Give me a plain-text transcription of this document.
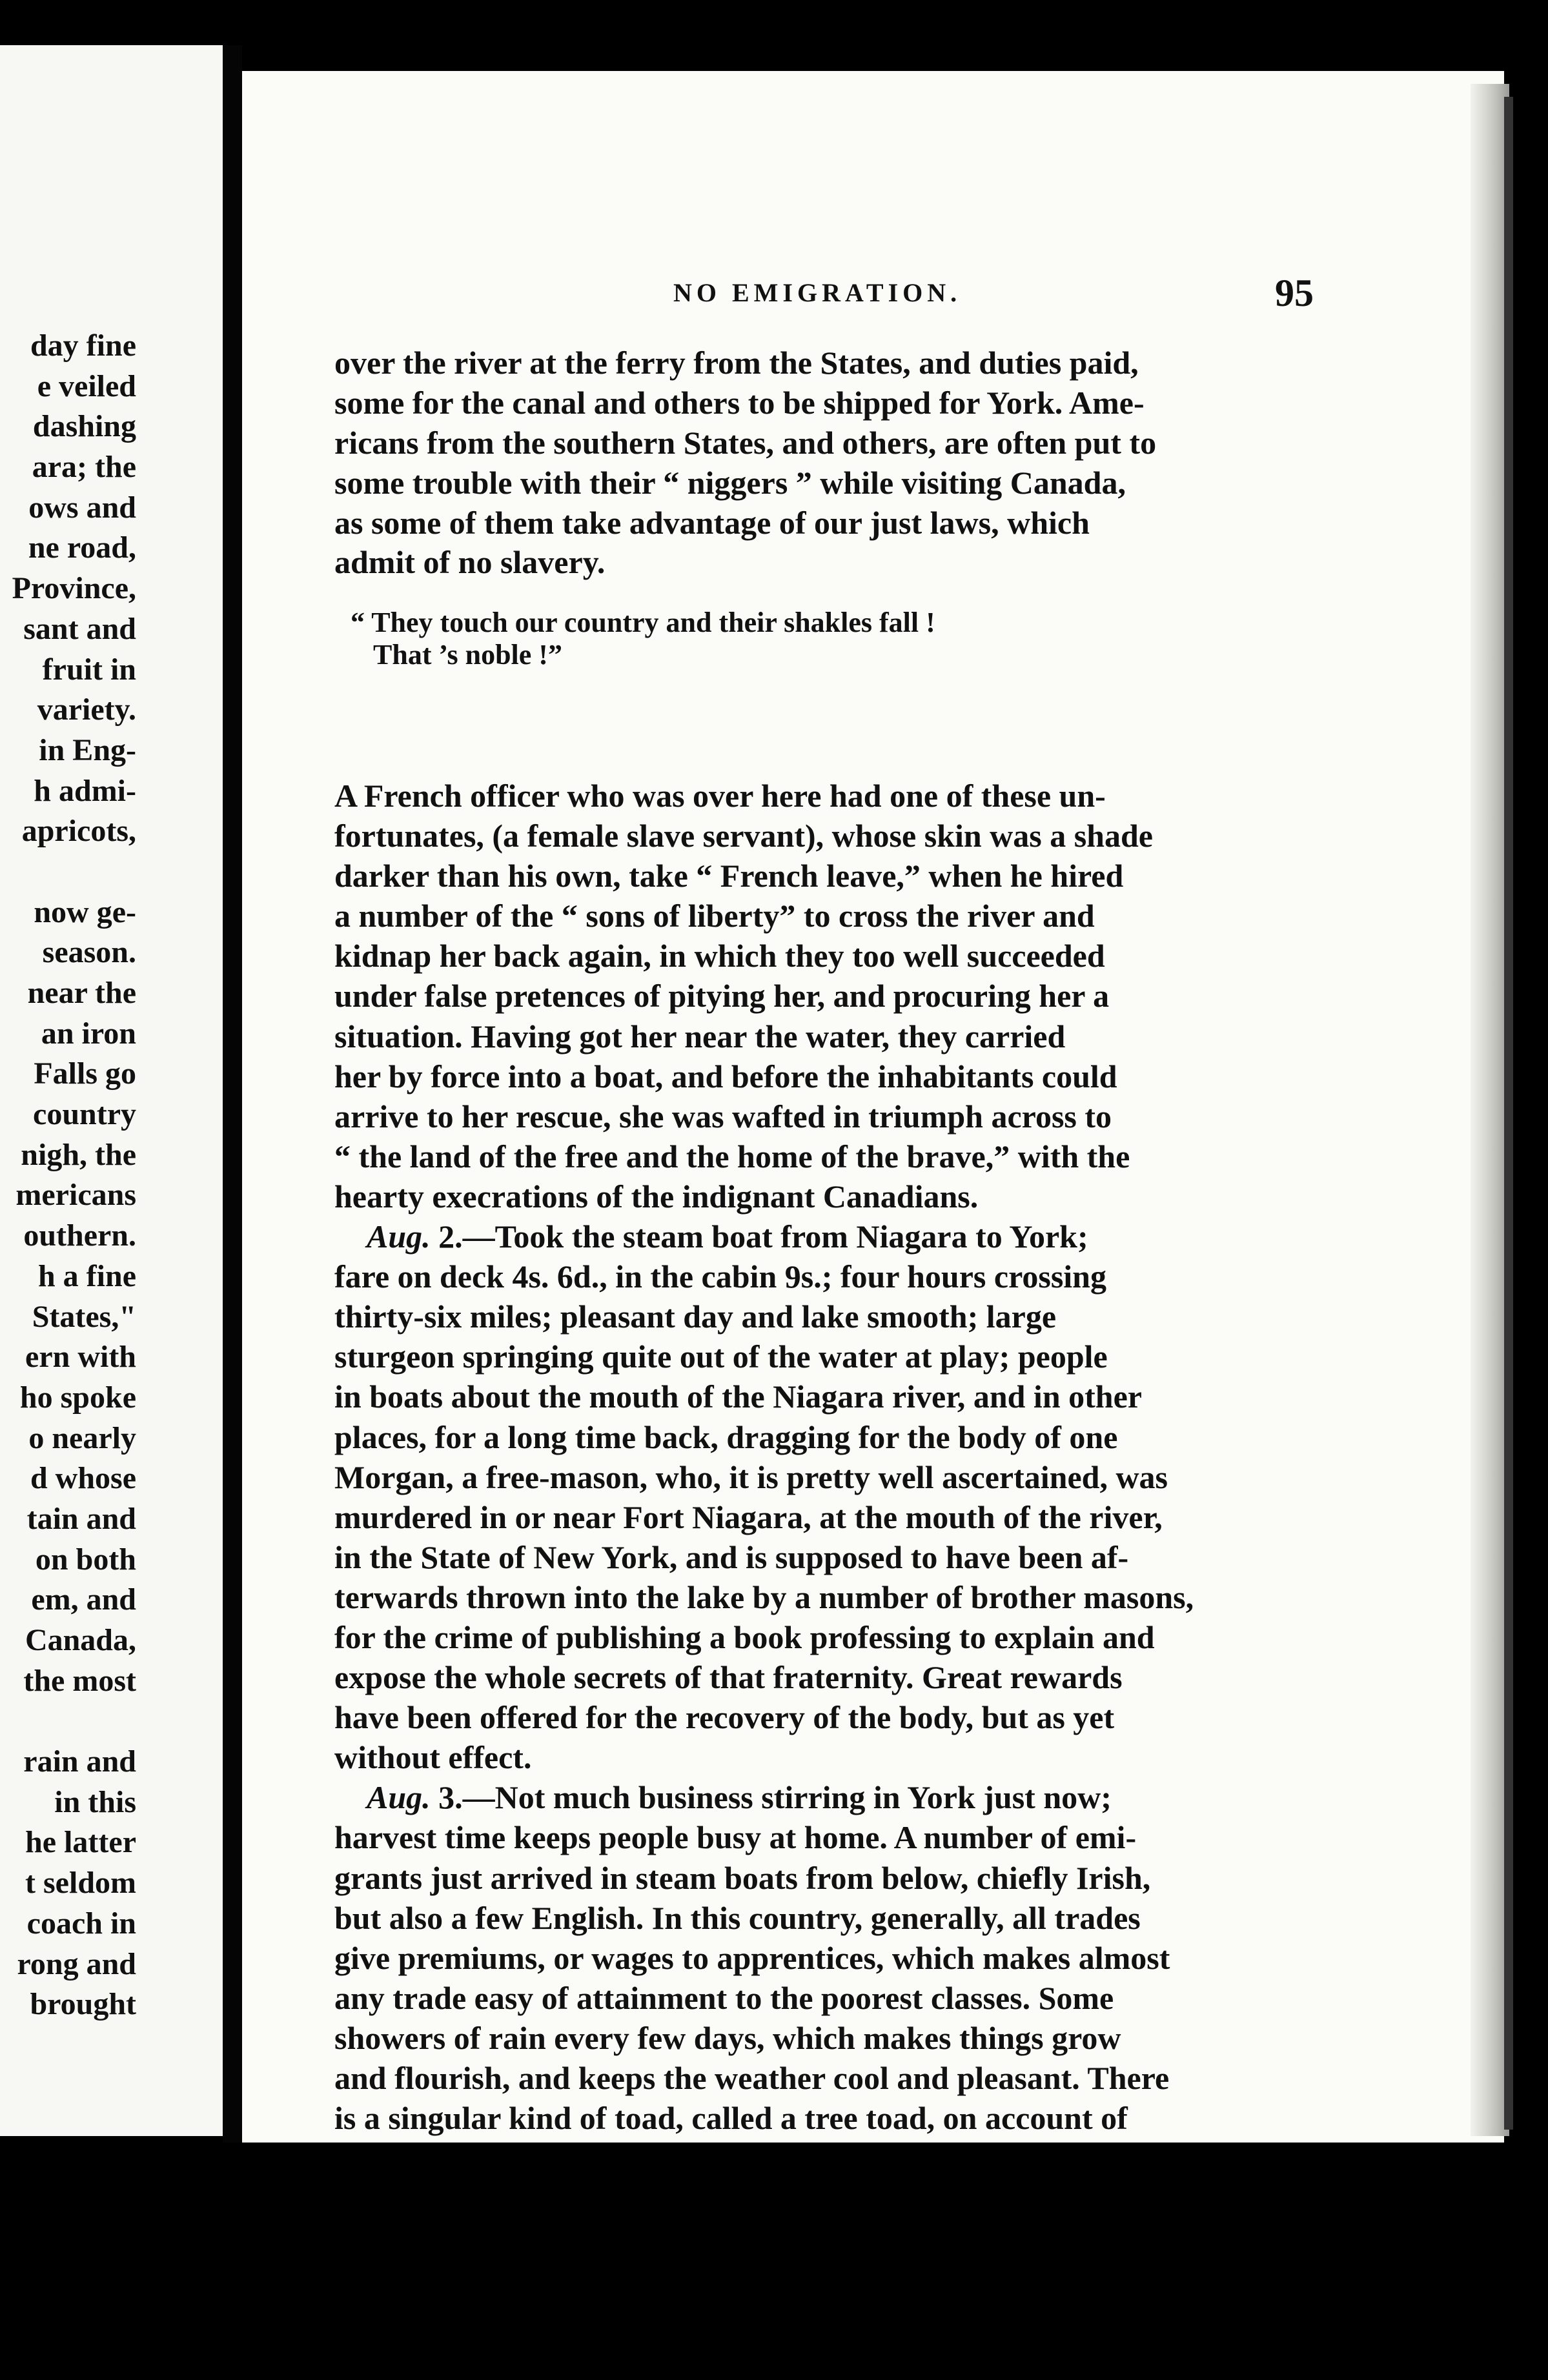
day fine
e veiled
dashing
ara; the
ows and
ne road,
Province,
sant and
fruit in
variety.
in Eng-
h admi-
apricots,
now ge-
season.
near the
an iron
Falls go
country
nigh, the
mericans
outhern.
h a fine
States,"
ern with
ho spoke
o nearly
d whose
tain and
on both
em, and
Canada,
the most
rain and
in this
he latter
t seldom
coach in
rong and
brought
NO EMIGRATION.	95
over the river at the ferry from the States, and duties paid,
some for the canal and others to be shipped for York. Ame-
ricans from the southern States, and others, are often put to
some trouble with their “ niggers ” while visiting Canada,
as some of them take advantage of our just laws, which
admit of no slavery.
“ They touch our country and their shakles fall !
That ’s noble !”
A French officer who was over here had one of these un-
fortunates, (a female slave servant), whose skin was a shade
darker than his own, take “ French leave,” when he hired
a number of the “ sons of liberty” to cross the river and
kidnap her back again, in which they too well succeeded
under false pretences of pitying her, and procuring her a
situation. Having got her near the water, they carried
her by force into a boat, and before the inhabitants could
arrive to her rescue, she was wafted in triumph across to
“ the land of the free and the home of the brave,” with the
hearty execrations of the indignant Canadians.
Aug. 2.—Took the steam boat from Niagara to York;
fare on deck 4s. 6d., in the cabin 9s.; four hours crossing
thirty-six miles; pleasant day and lake smooth; large
sturgeon springing quite out of the water at play; people
in boats about the mouth of the Niagara river, and in other
places, for a long time back, dragging for the body of one
Morgan, a free-mason, who, it is pretty well ascertained, was
murdered in or near Fort Niagara, at the mouth of the river,
in the State of New York, and is supposed to have been af-
terwards thrown into the lake by a number of brother masons,
for the crime of publishing a book professing to explain and
expose the whole secrets of that fraternity. Great rewards
have been offered for the recovery of the body, but as yet
without effect.
Aug. 3.—Not much business stirring in York just now;
harvest time keeps people busy at home. A number of emi-
grants just arrived in steam boats from below, chiefly Irish,
but also a few English. In this country, generally, all trades
give premiums, or wages to apprentices, which makes almost
any trade easy of attainment to the poorest classes. Some
showers of rain every few days, which makes things grow
and flourish, and keeps the weather cool and pleasant. There
is a singular kind of toad, called a tree toad, on account of
